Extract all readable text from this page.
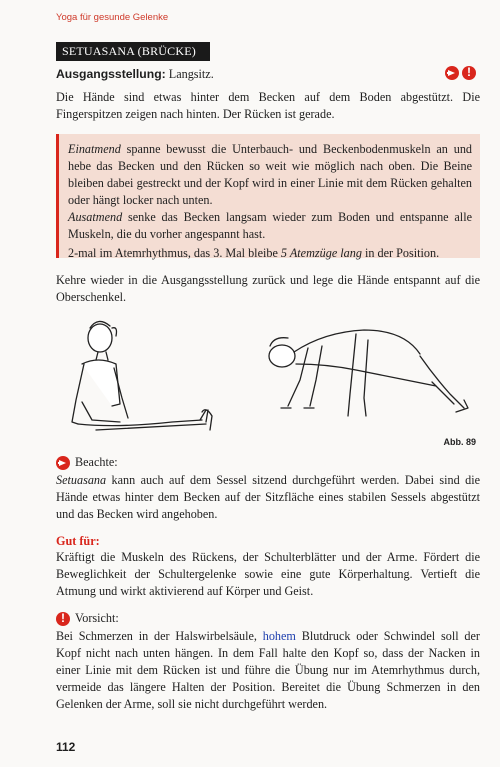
Yoga für gesunde Gelenke
SETUASANA (BRÜCKE)
Ausgangsstellung: Langsitz.
!
Die Hände sind etwas hinter dem Becken auf dem Boden abgestützt. Die Fingerspitzen zeigen nach hinten. Der Rücken ist gerade.
Einatmend spanne bewusst die Unterbauch- und Beckenbodenmuskeln an und hebe das Becken und den Rücken so weit wie möglich nach oben. Die Beine bleiben dabei gestreckt und der Kopf wird in einer Linie mit dem Rücken gehalten oder hängt locker nach unten.
Ausatmend senke das Becken langsam wieder zum Boden und entspanne alle Muskeln, die du vorher angespannt hast.
2-mal im Atemrhythmus, das 3. Mal bleibe 5 Atemzüge lang in der Position.
Kehre wieder in die Ausgangsstellung zurück und lege die Hände entspannt auf die Oberschenkel.
Abb. 89
Beachte:
Setuasana kann auch auf dem Sessel sitzend durchgeführt werden. Dabei sind die Hände etwas hinter dem Becken auf der Sitzfläche eines stabilen Sessels abgestützt und das Becken wird angehoben.
Gut für:
Kräftigt die Muskeln des Rückens, der Schulterblätter und der Arme. Fördert die Beweglichkeit der Schultergelenke sowie eine gute Körperhaltung. Vertieft die Atmung und wirkt aktivierend auf Körper und Geist.
!
Vorsicht:
Bei Schmerzen in der Halswirbelsäule, hohem Blutdruck oder Schwindel soll der Kopf nicht nach unten hängen. In dem Fall halte den Kopf so, dass der Nacken in einer Linie mit dem Rücken ist und führe die Übung nur im Atemrhythmus durch, vermeide das längere Halten der Position. Bereitet die Übung Schmerzen in den Gelenken der Arme, soll sie nicht durchgeführt werden.
112
